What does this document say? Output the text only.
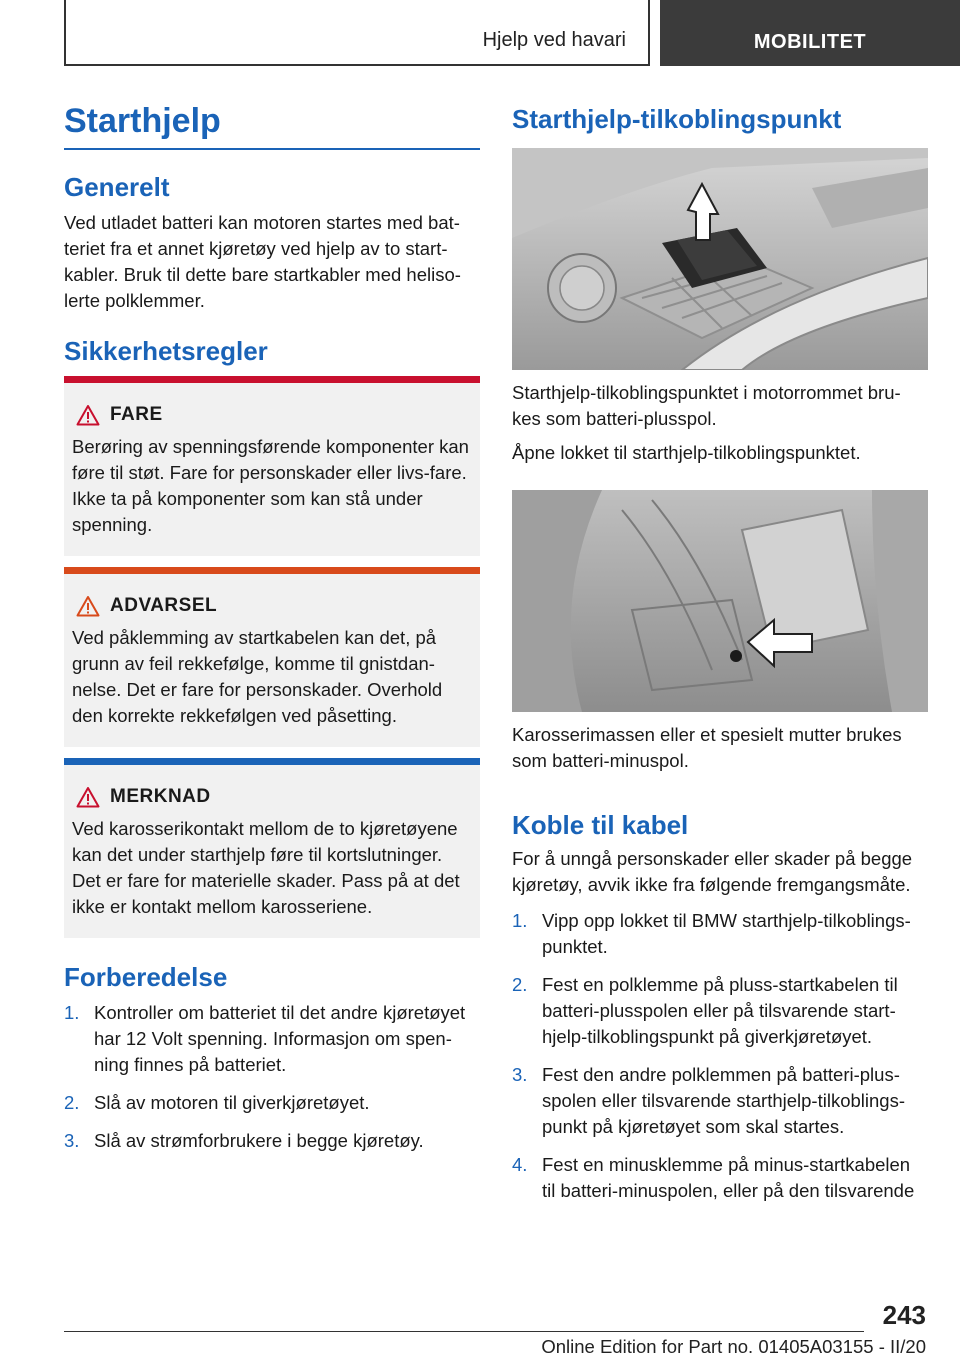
Hjelp ved havari	MOBILITET
Starthjelp
Generelt

Ved utladet batteri kan motoren startes med bat-teriet fra et annet kjøretøy ved hjelp av to start-kabler. Bruk til dette bare startkabler med heliso-lerte polklemmer.

Sikkerhetsregler
FARE
Berøring av spenningsførende komponenter kan føre til støt. Fare for personskader eller livs-fare. Ikke ta på komponenter som kan stå under spenning.
ADVARSEL
Ved påklemming av startkabelen kan det, på grunn av feil rekkefølge, komme til gnistdan-nelse. Det er fare for personskader. Overhold den korrekte rekkefølgen ved påsetting.
MERKNAD
Ved karosserikontakt mellom de to kjøretøyene kan det under starthjelp føre til kortslutninger. Det er fare for materielle skader. Pass på at det ikke er kontakt mellom karosseriene.
Forberedelse
1. Kontroller om batteriet til det andre kjøretøyet har 12 Volt spenning. Informasjon om spen-ning finnes på batteriet.
2. Slå av motoren til giverkjøretøyet.
3. Slå av strømforbrukere i begge kjøretøy.
Starthjelp-tilkoblingspunkt

Starthjelp-tilkoblingspunktet i motorrommet bru-kes som batteri-plusspol.

Åpne lokket til starthjelp-tilkoblingspunktet.

Karosserimassen eller et spesielt mutter brukes som batteri-minuspol.

Koble til kabel

For å unngå personskader eller skader på begge kjøretøy, avvik ikke fra følgende fremgangsmåte.

1. Vipp opp lokket til BMW starthjelp-tilkoblings-punktet.
2. Fest en polklemme på pluss-startkabelen til batteri-plusspolen eller på tilsvarende start-hjelp-tilkoblingspunkt på giverkjøretøyet.
3. Fest den andre polklemmen på batteri-plus-spolen eller tilsvarende starthjelp-tilkoblings-punkt på kjøretøyet som skal startes.
4. Fest en minusklemme på minus-startkabelen til batteri-minuspolen, eller på den tilsvarende
243
Online Edition for Part no. 01405A03155 - II/20
